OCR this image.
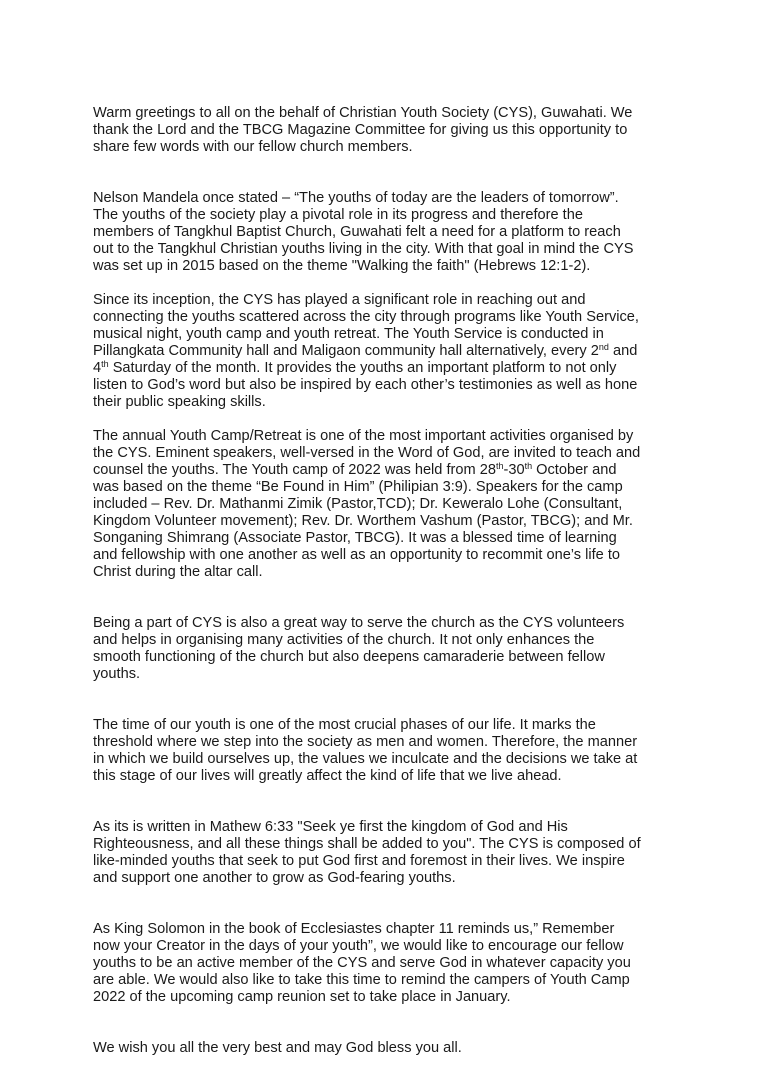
Warm greetings to all on the behalf of Christian Youth Society (CYS), Guwahati. We
thank the Lord and the TBCG Magazine Committee for giving us this opportunity to
share few words with our fellow church members.

Nelson Mandela once stated – “The youths of today are the leaders of tomorrow”.
The youths of the society play a pivotal role in its progress and therefore the
members of Tangkhul Baptist Church, Guwahati felt a need for a platform to reach
out to the Tangkhul Christian youths living in the city. With that goal in mind the CYS
was set up in 2015 based on the theme "Walking the faith" (Hebrews 12:1-2).

Since its inception, the CYS has played a significant role in reaching out and
connecting the youths scattered across the city through programs like Youth Service,
musical night, youth camp and youth retreat. The Youth Service is conducted in
Pillangkata Community hall and Maligaon community hall alternatively, every 2nd and
4th Saturday of the month. It provides the youths an important platform to not only
listen to God’s word but also be inspired by each other’s testimonies as well as hone
their public speaking skills.

The annual Youth Camp/Retreat is one of the most important activities organised by
the CYS. Eminent speakers, well-versed in the Word of God, are invited to teach and
counsel the youths. The Youth camp of 2022 was held from 28th-30th October and
was based on the theme “Be Found in Him” (Philipian 3:9). Speakers for the camp
included – Rev. Dr. Mathanmi Zimik (Pastor,TCD); Dr. Keweralo Lohe (Consultant,
Kingdom Volunteer movement); Rev. Dr. Worthem Vashum (Pastor, TBCG); and Mr.
Songaning Shimrang (Associate Pastor, TBCG). It was a blessed time of learning
and fellowship with one another as well as an opportunity to recommit one’s life to
Christ during the altar call.

Being a part of CYS is also a great way to serve the church as the CYS volunteers
and helps in organising many activities of the church. It not only enhances the
smooth functioning of the church but also deepens camaraderie between fellow
youths.

The time of our youth is one of the most crucial phases of our life. It marks the
threshold where we step into the society as men and women. Therefore, the manner
in which we build ourselves up, the values we inculcate and the decisions we take at
this stage of our lives will greatly affect the kind of life that we live ahead.

As its is written in Mathew 6:33 "Seek ye first the kingdom of God and His
Righteousness, and all these things shall be added to you". The CYS is composed of
like-minded youths that seek to put God first and foremost in their lives. We inspire
and support one another to grow as God-fearing youths.

As King Solomon in the book of Ecclesiastes chapter 11 reminds us,” Remember
now your Creator in the days of your youth”, we would like to encourage our fellow
youths to be an active member of the CYS and serve God in whatever capacity you
are able. We would also like to take this time to remind the campers of Youth Camp
2022 of the upcoming camp reunion set to take place in January.

We wish you all the very best and may God bless you all.
